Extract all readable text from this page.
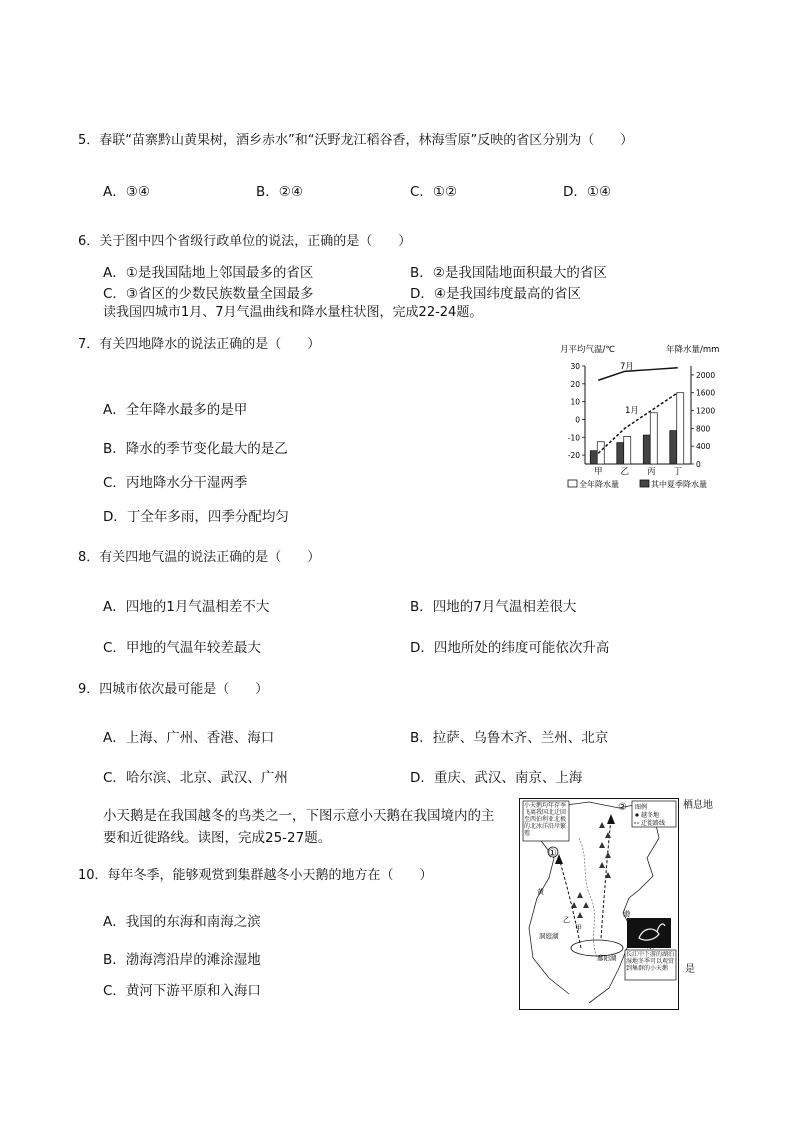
5．春联“苗寨黔山黄果树，酒乡赤水”和“沃野龙江稻谷香，林海雪原”反映的省区分别为（　　）
A．③④	B．②④	C．①②	D．①④
6．关于图中四个省级行政单位的说法，正确的是（　　）
A．①是我国陆地上邻国最多的省区	B．②是我国陆地面积最大的省区
C．③省区的少数民族数量全国最多	D．④是我国纬度最高的省区
读我国四城市1月、7月气温曲线和降水量柱状图，完成22-24题。
7．有关四地降水的说法正确的是（　　）
A．全年降水最多的是甲
B．降水的季节变化最大的是乙
C．丙地降水分干湿两季
D．丁全年多雨，四季分配均匀
月平均气温/℃	年降水量/mm
30
20
10
0
-10
-20
2000
1600
1200
800
400
0
甲 乙 丙 丁
7月
1月
全年降水量	其中夏季降水量
8．有关四地气温的说法正确的是（　　）
A．四地的1月气温相差不大	B．四地的7月气温相差很大
C．甲地的气温年较差最大	D．四地所处的纬度可能依次升高
9．四城市依次最可能是（　　）
A．上海、广州、香港、海口	B．拉萨、乌鲁木齐、兰州、北京
C．哈尔滨、北京、武汉、广州	D．重庆、武汉、南京、上海
小天鹅是在我国越冬的鸟类之一，下图示意小天鹅在我国境内的主
要和近徙路线。读图，完成25-27题。
10．每年冬季，能够观赏到集群越冬小天鹅的地方在（　　）
A．我国的东海和南海之滨
B．渤海湾沿岸的滩涂湿地
C．黄河下游平原和入海口
栖息地
是
小天鹅均年存季飞离我国北迁回至西伯利亚北极的北冰洋沿岸繁殖
图例
越冬地
迁徙路线
①
②
甲
乙
洞庭湖
鄱阳湖
黄
渤
长江中下游的湖泊湿地冬季可以观赏到集群的小天鹅
